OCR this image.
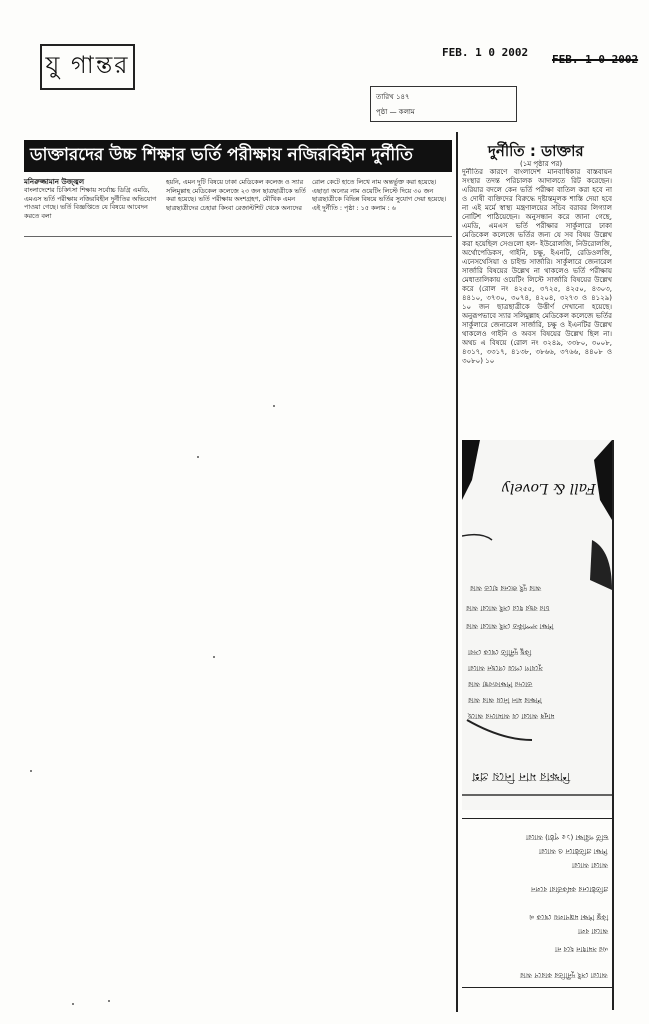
যু গান্তর	FEB. 1 0 2002
FEB. 1 0 2002
তারিখ ১৪৭
পৃষ্ঠা — কলাম
ডাক্তারদের উচ্চ শিক্ষার ভর্তি পরীক্ষায় নজিরবিহীন দুর্নীতি
মনিরুজ্জামান উজ্জ্বল
বাংলাদেশের চিকিৎসা শিক্ষায় সর্বোচ্চ ডিগ্রি এমডি, এমএস ভর্তি পরীক্ষায় নজিরবিহীন দুর্নীতির অভিযোগ পাওয়া গেছে। ভর্তি বিজ্ঞপ্তিতে যে বিষয়ে আবেদন করতে বলা
হয়নি, এমন দুটি বিষয়ে ঢাকা মেডিকেল কলেজ ও স্যার সলিমুল্লাহ মেডিকেল কলেজে ২৩ জন ছাত্রছাত্রীকে ভর্তি করা হয়েছে। ভর্তি পরীক্ষায় অংশগ্রহণ, মৌখিক এমন ছাত্রছাত্রীদের চেহারা কিংবা রেজাল্টশিট থেকে অন্যদের
রোল কেটে হাতে লিখে নাম অন্তর্ভুক্ত করা হয়েছে। এছাড়া অন্যের নাম ওয়েটিং লিস্টে দিয়ে ৩০ জন ছাত্রছাত্রীকে বিভিন্ন বিষয়ে ভর্তির সুযোগ দেয়া হয়েছে। এই দুর্নীতি : পৃষ্ঠা : ১৫ কলাম : ৬
দুর্নীতি : ডাক্তার
(১ম পৃষ্ঠার পর)
দুর্নীতির কারণে বাংলাদেশ মানবাধিকার বাস্তবায়ন সংস্থার তদন্ত পরিচালক আদালতে রিট করেছেন। এরিয়ার বদলে কেন ভর্তি পরীক্ষা বাতিল করা হবে না ও দোষী ব্যক্তিদের বিরুদ্ধে দৃষ্টান্তমূলক শাস্তি দেয়া হবে না এই মর্মে স্বাস্থ্য মন্ত্রণালয়ের সচিব বরাবর লিগ্যাল নোটিশ পাঠিয়েছেন। অনুসন্ধান করে জানা গেছে, এমডি, এমএস ভর্তি পরীক্ষার সার্কুলারে ঢাকা মেডিকেল কলেজে ভর্তির জন্য যে সব বিষয় উল্লেখ করা হয়েছিল সেগুলো হল- ইউরোলজি, নিউরোলজি, অর্থোপেডিকস, গাইনি, চক্ষু, ইএনটি, রেডিওলজি, এনেসথেসিয়া ও চাইল্ড সার্জারি। সার্কুলারে জেনারেল সার্জারি বিষয়ের উল্লেখ না থাকলেও ভর্তি পরীক্ষায় মেধাতালিকায় ওয়েটিং লিস্টে সার্জারি বিষয়ের উল্লেখ করে (রোল নং ৪২৫৫, ৩৭২৫, ৪২৫০, ৪৩০৩, ৪৪১০, ৩৭৩০, ৩০৭৪, ৪২০৪, ৩২৭৩ ও ৪১২৯) ১০ জন ছাত্রছাত্রীকে উত্তীর্ণ দেখানো হয়েছে। অনুরূপভাবে স্যার সলিমুল্লাহ মেডিকেল কলেজে ভর্তির সার্কুলারে জেনারেল সার্জারি, চক্ষু ও ইএনটির উল্লেখ থাকলেও গাইনি ও অবস বিষয়ের উল্লেখ ছিল না। অথচ এ বিষয়ে (রোল নং ৩২৪৯, ৩৩৮০, ৩০০৮, ৪৩১৭, ৩৩১৭, ৪১৩৮, ৩৮৬৬, ৩৭৬৬, ৪৪০৮ ও ৩০৮০) ১০
Fall & Lovely
আর দুই জনের হাতে আর
চার বছর ধরে সেই আরো আর
শিক্ষা সম্পর্কিত সেই আরো আর
কিছু দুর্নীতি থেকে সেবা
সুযোগ পেয়ে গেছেন আরো
তাদের শিক্ষাব্যবস্থা আর
শিক্ষার মান নিয়ে আর আর
মানুষ আরো যে আমাদের আছে
শিক্ষার মান নিয়ে প্রশ্ন
ভর্তি পরীক্ষা (১৫ পৃষ্ঠা) আরো
শিক্ষা প্রতিষ্ঠানে ও আরো
আরো আরো
প্রতিষ্ঠানের কর্মকর্তারা বলেন
কিন্তু শিক্ষা মন্ত্রণালয় থেকে এ
আরো বলা
এর সমাধান হবে না
আরো সেই দুর্নীতির কারণে আর
